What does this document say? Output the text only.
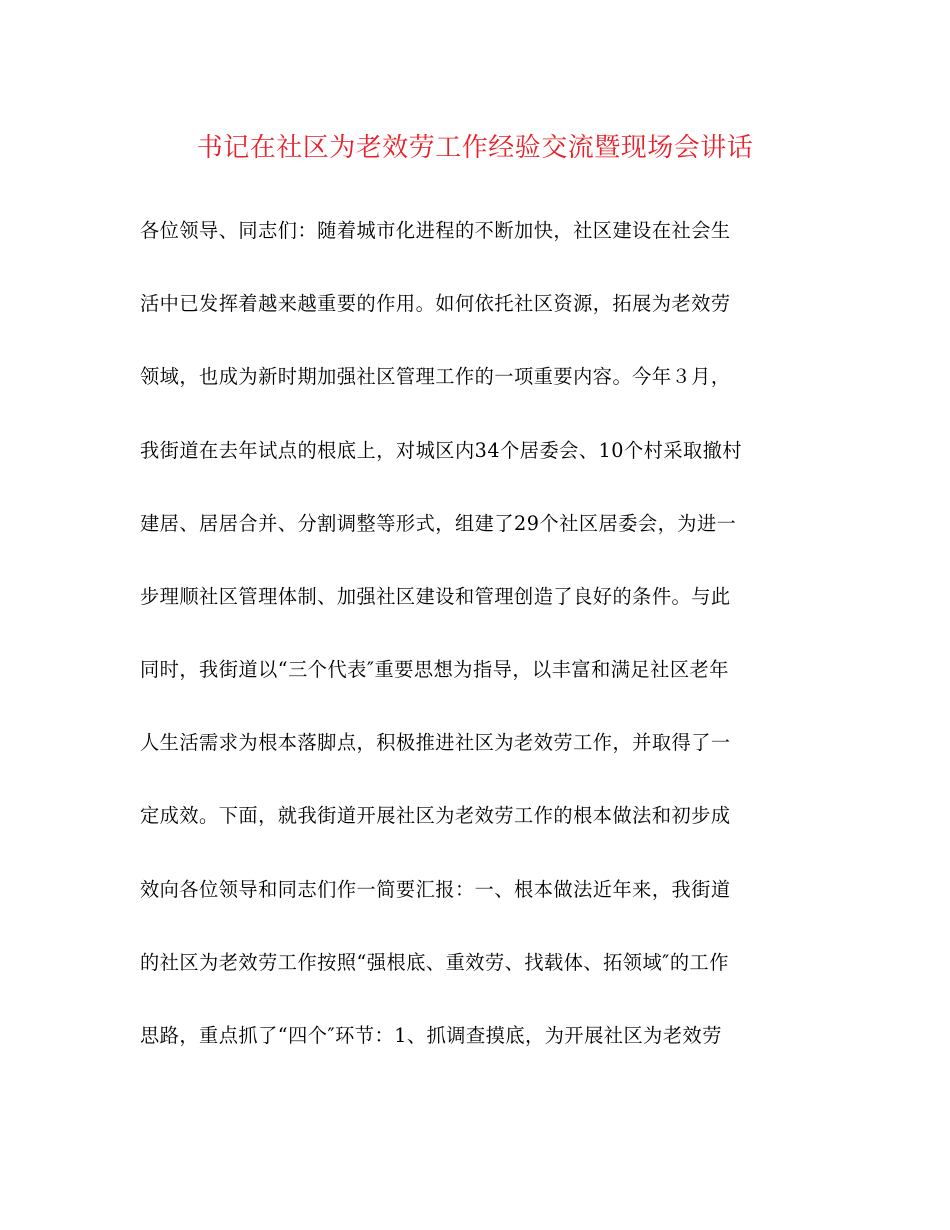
书记在社区为老效劳工作经验交流暨现场会讲话
各位领导、同志们：随着城市化进程的不断加快，社区建设在社会生
活中已发挥着越来越重要的作用。如何依托社区资源，拓展为老效劳
领域，也成为新时期加强社区管理工作的一项重要内容。今年３月，
我街道在去年试点的根底上，对城区内34个居委会、10个村采取撤村
建居、居居合并、分割调整等形式，组建了29个社区居委会，为进一
步理顺社区管理体制、加强社区建设和管理创造了良好的条件。与此
同时，我街道以“三个代表″重要思想为指导，以丰富和满足社区老年
人生活需求为根本落脚点，积极推进社区为老效劳工作，并取得了一
定成效。下面，就我街道开展社区为老效劳工作的根本做法和初步成
效向各位领导和同志们作一简要汇报：一、根本做法近年来，我街道
的社区为老效劳工作按照“强根底、重效劳、找载体、拓领域″的工作
思路，重点抓了“四个″环节：1、抓调查摸底，为开展社区为老效劳
